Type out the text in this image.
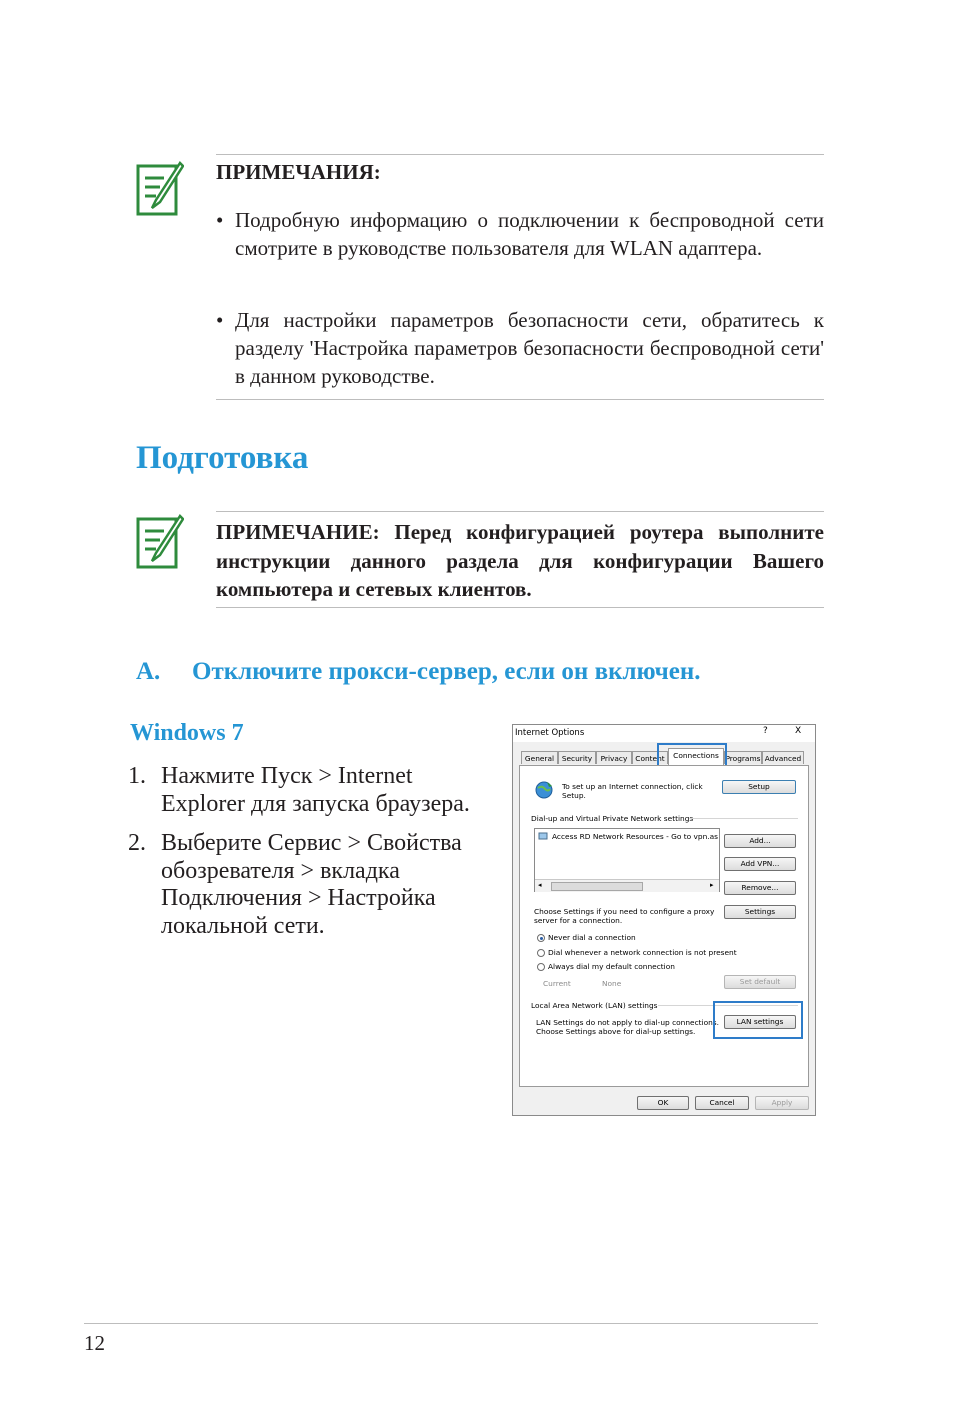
ПРИМЕЧАНИЯ:
• Подробную информацию о подключении к беспроводной сети смотрите в руководстве пользователя для WLAN адаптера.
• Для настройки параметров безопасности сети, обратитесь к разделу 'Настройка параметров безопасности беспроводной сети' в данном руководстве.
Подготовка
ПРИМЕЧАНИЕ: Перед конфигурацией роутера выполните инструкции данного раздела для конфигурации Вашего компьютера и сетевых клиентов.
A. Отключите прокси-сервер, если он включен.
Windows 7
1. Нажмите Пуск > Internet Explorer для запуска браузера.
2. Выберите Сервис > Свойства обозревателя > вкладка Подключения > Настройка локальной сети.
Internet Options	?	X
General	Security	Privacy	Content	Connections Programs Advanced
To set up an Internet connection, click
Setup.
Setup
Dial-up and Virtual Private Network settings
Access RD Network Resources - Go to vpn.as
◂	▸
Add...
Add VPN...
Remove...
Choose Settings if you need to configure a proxy
server for a connection.
Settings
Never dial a connection
Dial whenever a network connection is not present
Always dial my default connection
Current	None	Set default
Local Area Network (LAN) settings
LAN Settings do not apply to dial-up connections.
Choose Settings above for dial-up settings.
LAN settings
OK	Cancel	Apply
12
